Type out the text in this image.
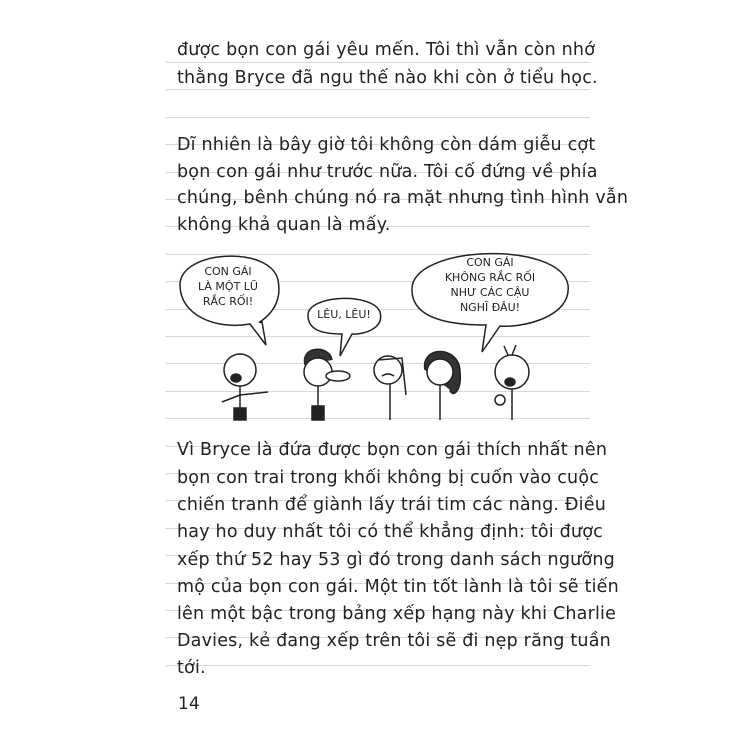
được bọn con gái yêu mến. Tôi thì vẫn còn nhớ
thằng Bryce đã ngu thế nào khi còn ở tiểu học.
Dĩ nhiên là bây giờ tôi không còn dám giễu cợt
bọn con gái như trước nữa. Tôi cố đứng về phía
chúng, bênh chúng nó ra mặt nhưng tình hình vẫn
không khả quan là mấy.
CON GÁI
LÀ MỘT LŨ
RẮC RỐI!
LÊU, LÊU!
CON GÁI
KHÔNG RẮC RỐI
NHƯ CÁC CẬU
NGHĨ ĐÂU!
Vì Bryce là đứa được bọn con gái thích nhất nên
bọn con trai trong khối không bị cuốn vào cuộc
chiến tranh để giành lấy trái tim các nàng. Điều
hay ho duy nhất tôi có thể khẳng định: tôi được
xếp thứ 52 hay 53 gì đó trong danh sách ngưỡng
mộ của bọn con gái. Một tin tốt lành là tôi sẽ tiến
lên một bậc trong bảng xếp hạng này khi Charlie
Davies, kẻ đang xếp trên tôi sẽ đi nẹp răng tuần
tới.
14
